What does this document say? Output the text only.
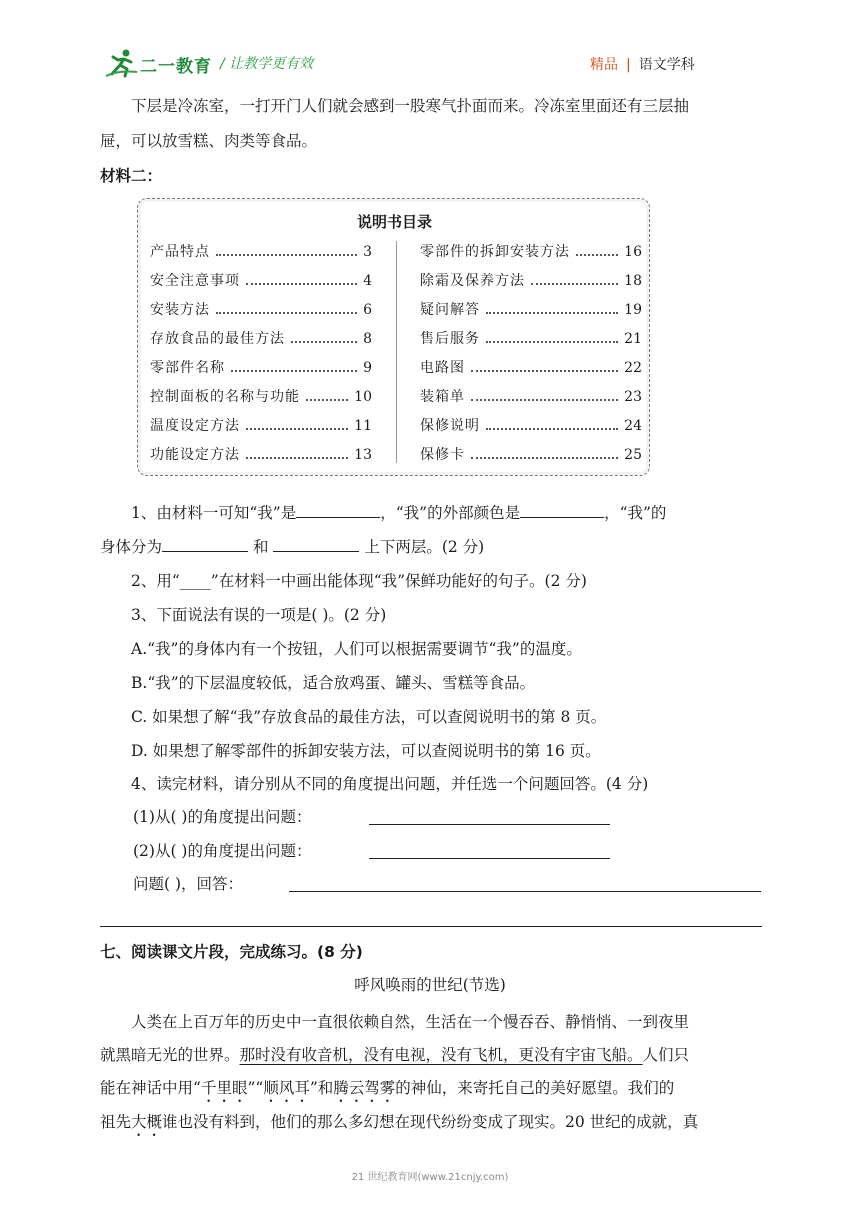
二一教育 / 让教学更有效	精品 | 语文学科
下层是冷冻室，一打开门人们就会感到一股寒气扑面而来。冷冻室里面还有三层抽
屉，可以放雪糕、肉类等食品。
材料二：
说明书目录
产品特点	3
安全注意事项	4
安装方法	6
存放食品的最佳方法	8
零部件名称	9
控制面板的名称与功能	10
温度设定方法	11
功能设定方法	13
零部件的拆卸安装方法	16
除霜及保养方法	18
疑问解答	19
售后服务	21
电路图	22
装箱单	23
保修说明	24
保修卡	25
1、由材料一可知“我”是	，“我”的外部颜色是	，“我”的
身体分为	和	上下两层。(2 分)
2、用“____”在材料一中画出能体现“我”保鲜功能好的句子。(2 分)
3、下面说法有误的一项是( )。(2 分)
A.“我”的身体内有一个按钮，人们可以根据需要调节“我”的温度。
B.“我”的下层温度较低，适合放鸡蛋、罐头、雪糕等食品。
C. 如果想了解“我”存放食品的最佳方法，可以查阅说明书的第 8 页。
D. 如果想了解零部件的拆卸安装方法，可以查阅说明书的第 16 页。
4、读完材料，请分别从不同的角度提出问题，并任选一个问题回答。(4 分)
(1)从( )的角度提出问题：
(2)从( )的角度提出问题：
问题( )，回答：
七、阅读课文片段，完成练习。(8 分)
呼风唤雨的世纪(节选)
人类在上百万年的历史中一直很依赖自然，生活在一个慢吞吞、静悄悄、一到夜里
就黑暗无光的世界。那时没有收音机，没有电视，没有飞机，更没有宇宙飞船。人们只
能在神话中用“千里眼”“顺风耳”和腾云驾雾的神仙，来寄托自己的美好愿望。我们的
祖先大概谁也没有料到，他们的那么多幻想在现代纷纷变成了现实。20 世纪的成就，真
21 世纪教育网(www.21cnjy.com)
